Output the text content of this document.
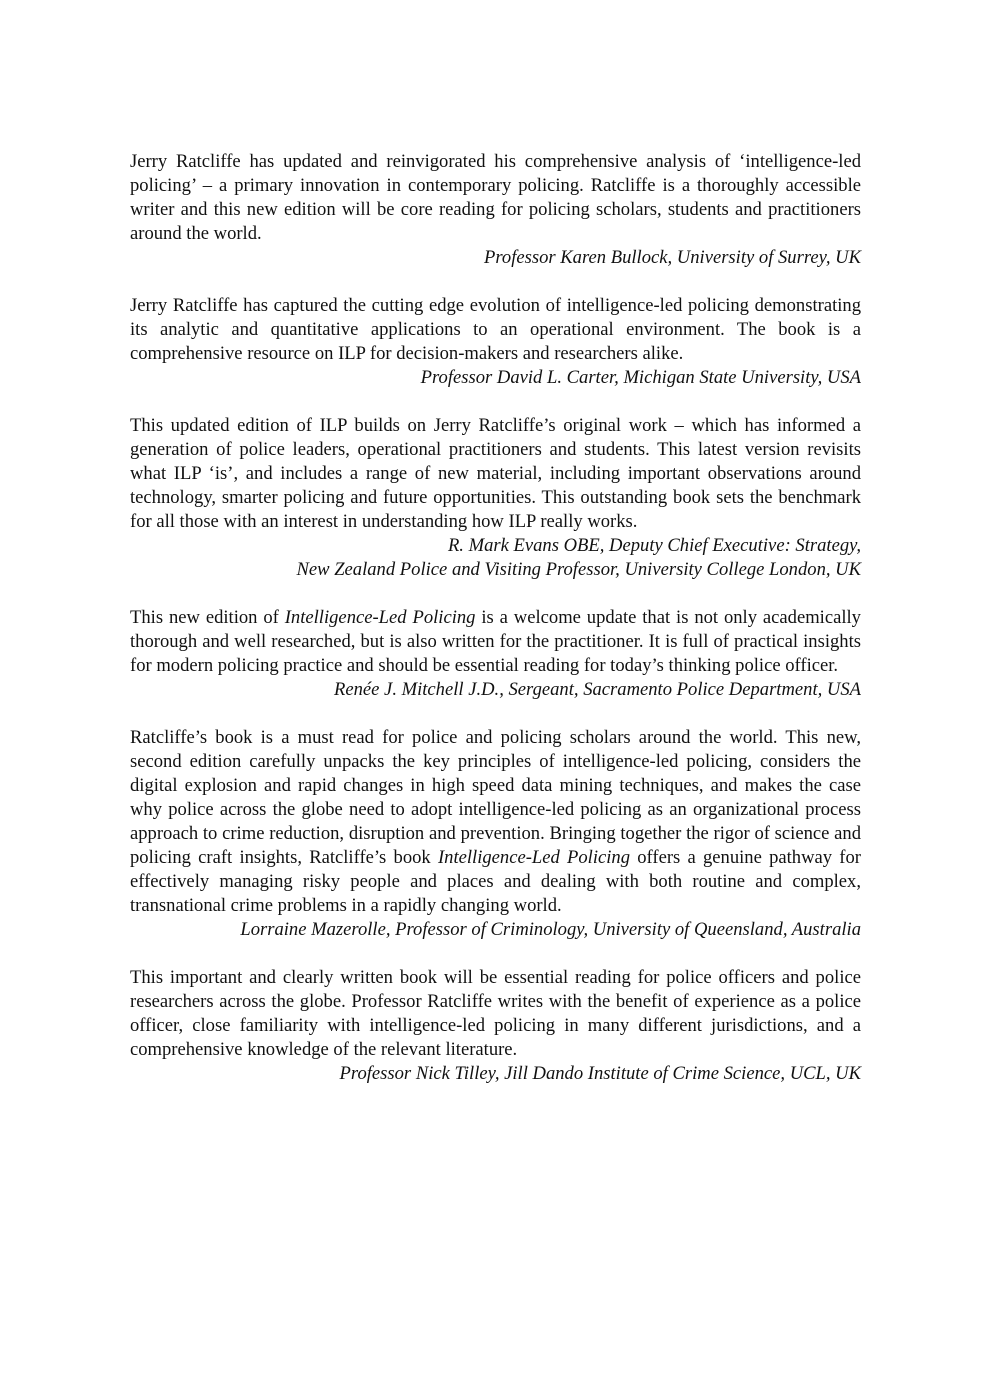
Jerry Ratcliffe has updated and reinvigorated his comprehensive analysis of ‘intelligence-led policing’ – a primary innovation in contemporary policing. Ratcliffe is a thoroughly accessible writer and this new edition will be core reading for policing scholars, students and practitioners around the world.

Professor Karen Bullock, University of Surrey, UK

Jerry Ratcliffe has captured the cutting edge evolution of intelligence-led policing demonstrating its analytic and quantitative applications to an operational environment. The book is a comprehensive resource on ILP for decision-makers and researchers alike.

Professor David L. Carter, Michigan State University, USA

This updated edition of ILP builds on Jerry Ratcliffe’s original work – which has informed a generation of police leaders, operational practitioners and students. This latest version revisits what ILP ‘is’, and includes a range of new material, including important observations around technology, smarter policing and future opportunities. This outstanding book sets the benchmark for all those with an interest in understanding how ILP really works.

R. Mark Evans OBE, Deputy Chief Executive: Strategy,
New Zealand Police and Visiting Professor, University College London, UK

This new edition of Intelligence-Led Policing is a welcome update that is not only academically thorough and well researched, but is also written for the practitioner. It is full of practical insights for modern policing practice and should be essential reading for today’s thinking police officer.

Renée J. Mitchell J.D., Sergeant, Sacramento Police Department, USA

Ratcliffe’s book is a must read for police and policing scholars around the world. This new, second edition carefully unpacks the key principles of intelligence-led policing, considers the digital explosion and rapid changes in high speed data mining techniques, and makes the case why police across the globe need to adopt intelligence-led policing as an organizational process approach to crime reduction, disruption and prevention. Bringing together the rigor of science and policing craft insights, Ratcliffe’s book Intelligence-Led Policing offers a genuine pathway for effectively managing risky people and places and dealing with both routine and complex, transnational crime problems in a rapidly changing world.

Lorraine Mazerolle, Professor of Criminology, University of Queensland, Australia

This important and clearly written book will be essential reading for police officers and police researchers across the globe. Professor Ratcliffe writes with the benefit of experience as a police officer, close familiarity with intelligence-led policing in many different jurisdictions, and a comprehensive knowledge of the relevant literature.

Professor Nick Tilley, Jill Dando Institute of Crime Science, UCL, UK
